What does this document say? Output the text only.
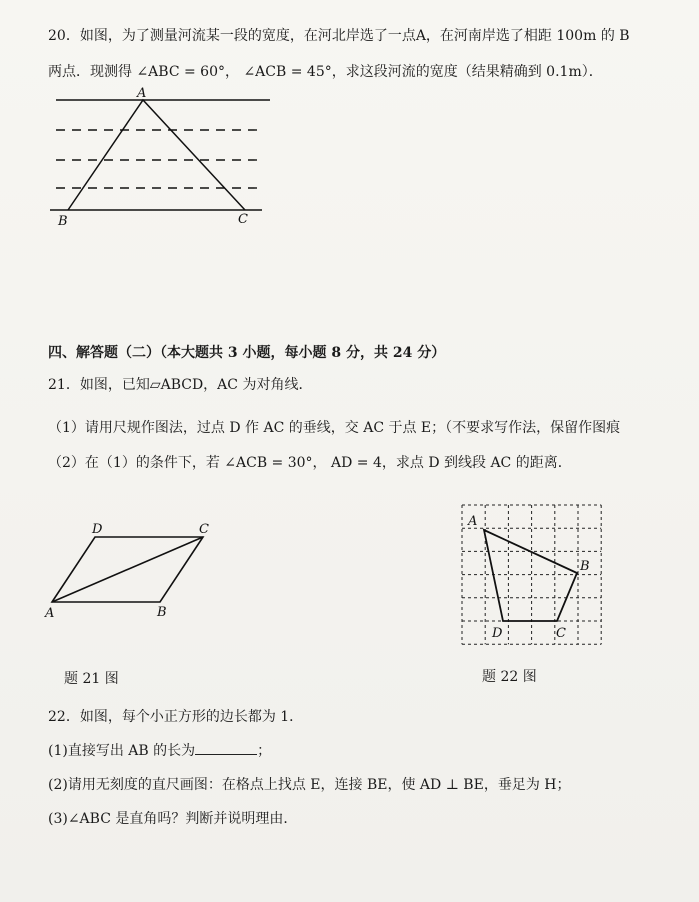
20．如图，为了测量河流某一段的宽度，在河北岸选了一点A，在河南岸选了相距 100m 的 B
两点．现测得 ∠ABC = 60°， ∠ACB = 45°，求这段河流的宽度（结果精确到 0.1m）．
A
B	C
四、解答题（二）（本大题共 3 小题，每小题 8 分，共 24 分）
21．如图，已知▱ABCD，AC 为对角线．
（1）请用尺规作图法，过点 D 作 AC 的垂线，交 AC 于点 E；（不要求写作法，保留作图痕
（2）在（1）的条件下，若 ∠ACB = 30°， AD = 4，求点 D 到线段 AC 的距离．
A	B
C
D
题 21 图
A
B
C
D
题 22 图
22．如图，每个小正方形的边长都为 1．
(1)直接写出 AB 的长为	；
(2)请用无刻度的直尺画图：在格点上找点 E，连接 BE，使 AD ⊥ BE，垂足为 H；
(3)∠ABC 是直角吗？判断并说明理由．
